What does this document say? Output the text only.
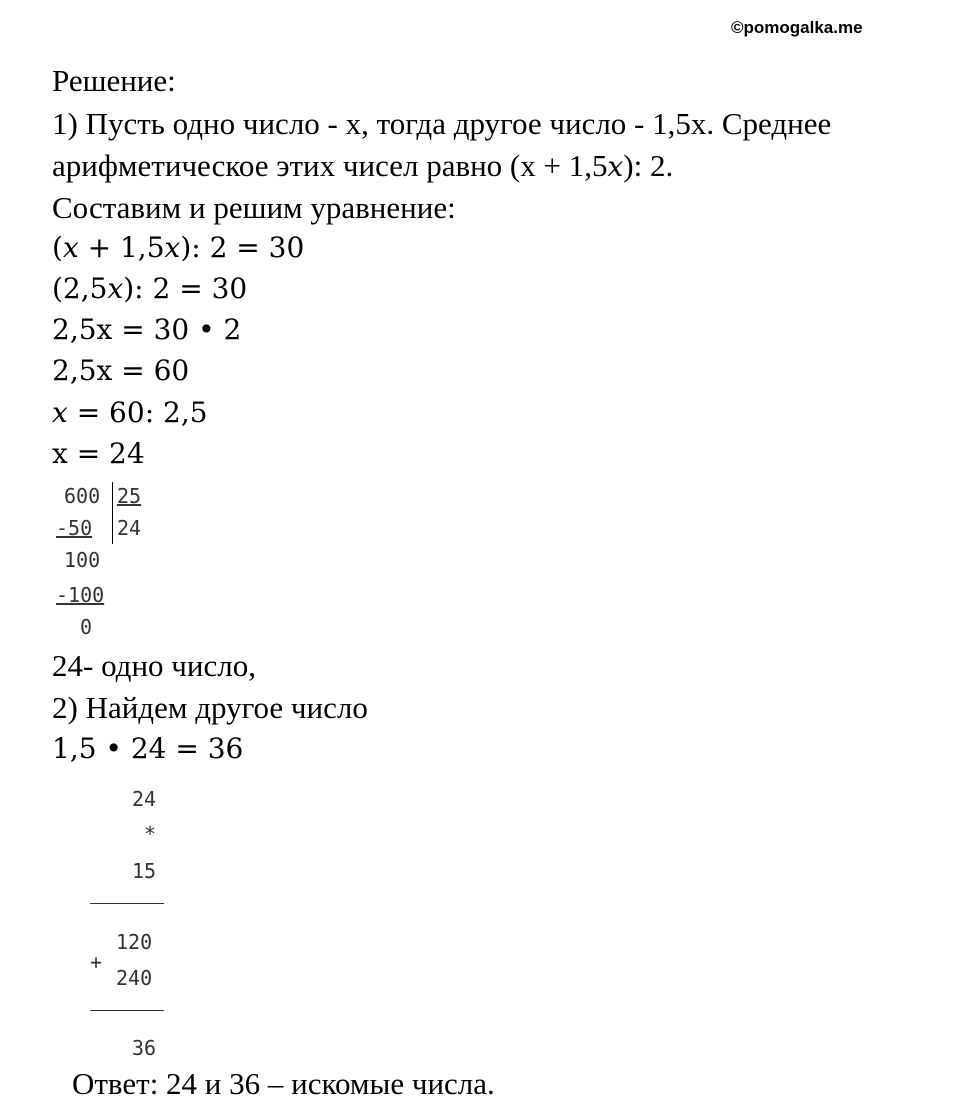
©pomogalka.me
Решение:
1) Пусть одно число - x, тогда другое число - 1,5x. Среднее
арифметическое этих чисел равно (x + 1,5x): 2.
Составим и решим уравнение:
(x + 1,5x): 2 = 30
(2,5x): 2 = 30
2,5x = 30 • 2
2,5x = 60
x = 60: 2,5
x = 24
600 25
-50 24
100
-100
0
24- одно число,
2) Найдем другое число
1,5 • 24 = 36
24
*
15
+
120
240
36
Ответ: 24 и 36 – искомые числа.
